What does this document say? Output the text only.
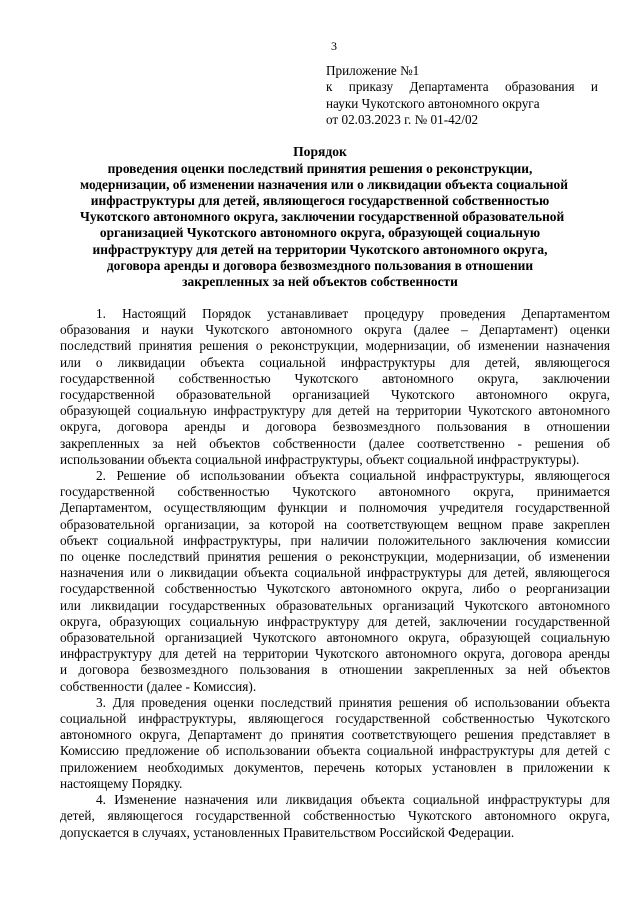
3
Приложение №1
к приказу Департамента образования и
науки Чукотского автономного округа
от 02.03.2023 г. № 01-42/02
Порядок
проведения оценки последствий принятия решения о реконструкции,
модернизации, об изменении назначения или о ликвидации объекта социальной
инфраструктуры для детей, являющегося государственной собственностью
Чукотского автономного округа, заключении государственной образовательной
организацией Чукотского автономного округа, образующей социальную
инфраструктуру для детей на территории Чукотского автономного округа,
договора аренды и договора безвозмездного пользования в отношении
закрепленных за ней объектов собственности
1. Настоящий Порядок устанавливает процедуру проведения Департаментом
образования и науки Чукотского автономного округа (далее – Департамент) оценки
последствий принятия решения о реконструкции, модернизации, об изменении назначения
или о ликвидации объекта социальной инфраструктуры для детей, являющегося
государственной собственностью Чукотского автономного округа, заключении
государственной образовательной организацией Чукотского автономного округа,
образующей социальную инфраструктуру для детей на территории Чукотского автономного
округа, договора аренды и договора безвозмездного пользования в отношении
закрепленных за ней объектов собственности (далее соответственно - решения об
использовании объекта социальной инфраструктуры, объект социальной инфраструктуры).
2. Решение об использовании объекта социальной инфраструктуры, являющегося
государственной собственностью Чукотского автономного округа, принимается
Департаментом, осуществляющим функции и полномочия учредителя государственной
образовательной организации, за которой на соответствующем вещном праве закреплен
объект социальной инфраструктуры, при наличии положительного заключения комиссии
по оценке последствий принятия решения о реконструкции, модернизации, об изменении
назначения или о ликвидации объекта социальной инфраструктуры для детей, являющегося
государственной собственностью Чукотского автономного округа, либо о реорганизации
или ликвидации государственных образовательных организаций Чукотского автономного
округа, образующих социальную инфраструктуру для детей, заключении государственной
образовательной организацией Чукотского автономного округа, образующей социальную
инфраструктуру для детей на территории Чукотского автономного округа, договора аренды
и договора безвозмездного пользования в отношении закрепленных за ней объектов
собственности (далее - Комиссия).
3. Для проведения оценки последствий принятия решения об использовании объекта
социальной инфраструктуры, являющегося государственной собственностью Чукотского
автономного округа, Департамент до принятия соответствующего решения представляет в
Комиссию предложение об использовании объекта социальной инфраструктуры для детей с
приложением необходимых документов, перечень которых установлен в приложении к
настоящему Порядку.
4. Изменение назначения или ликвидация объекта социальной инфраструктуры для
детей, являющегося государственной собственностью Чукотского автономного округа,
допускается в случаях, установленных Правительством Российской Федерации.
